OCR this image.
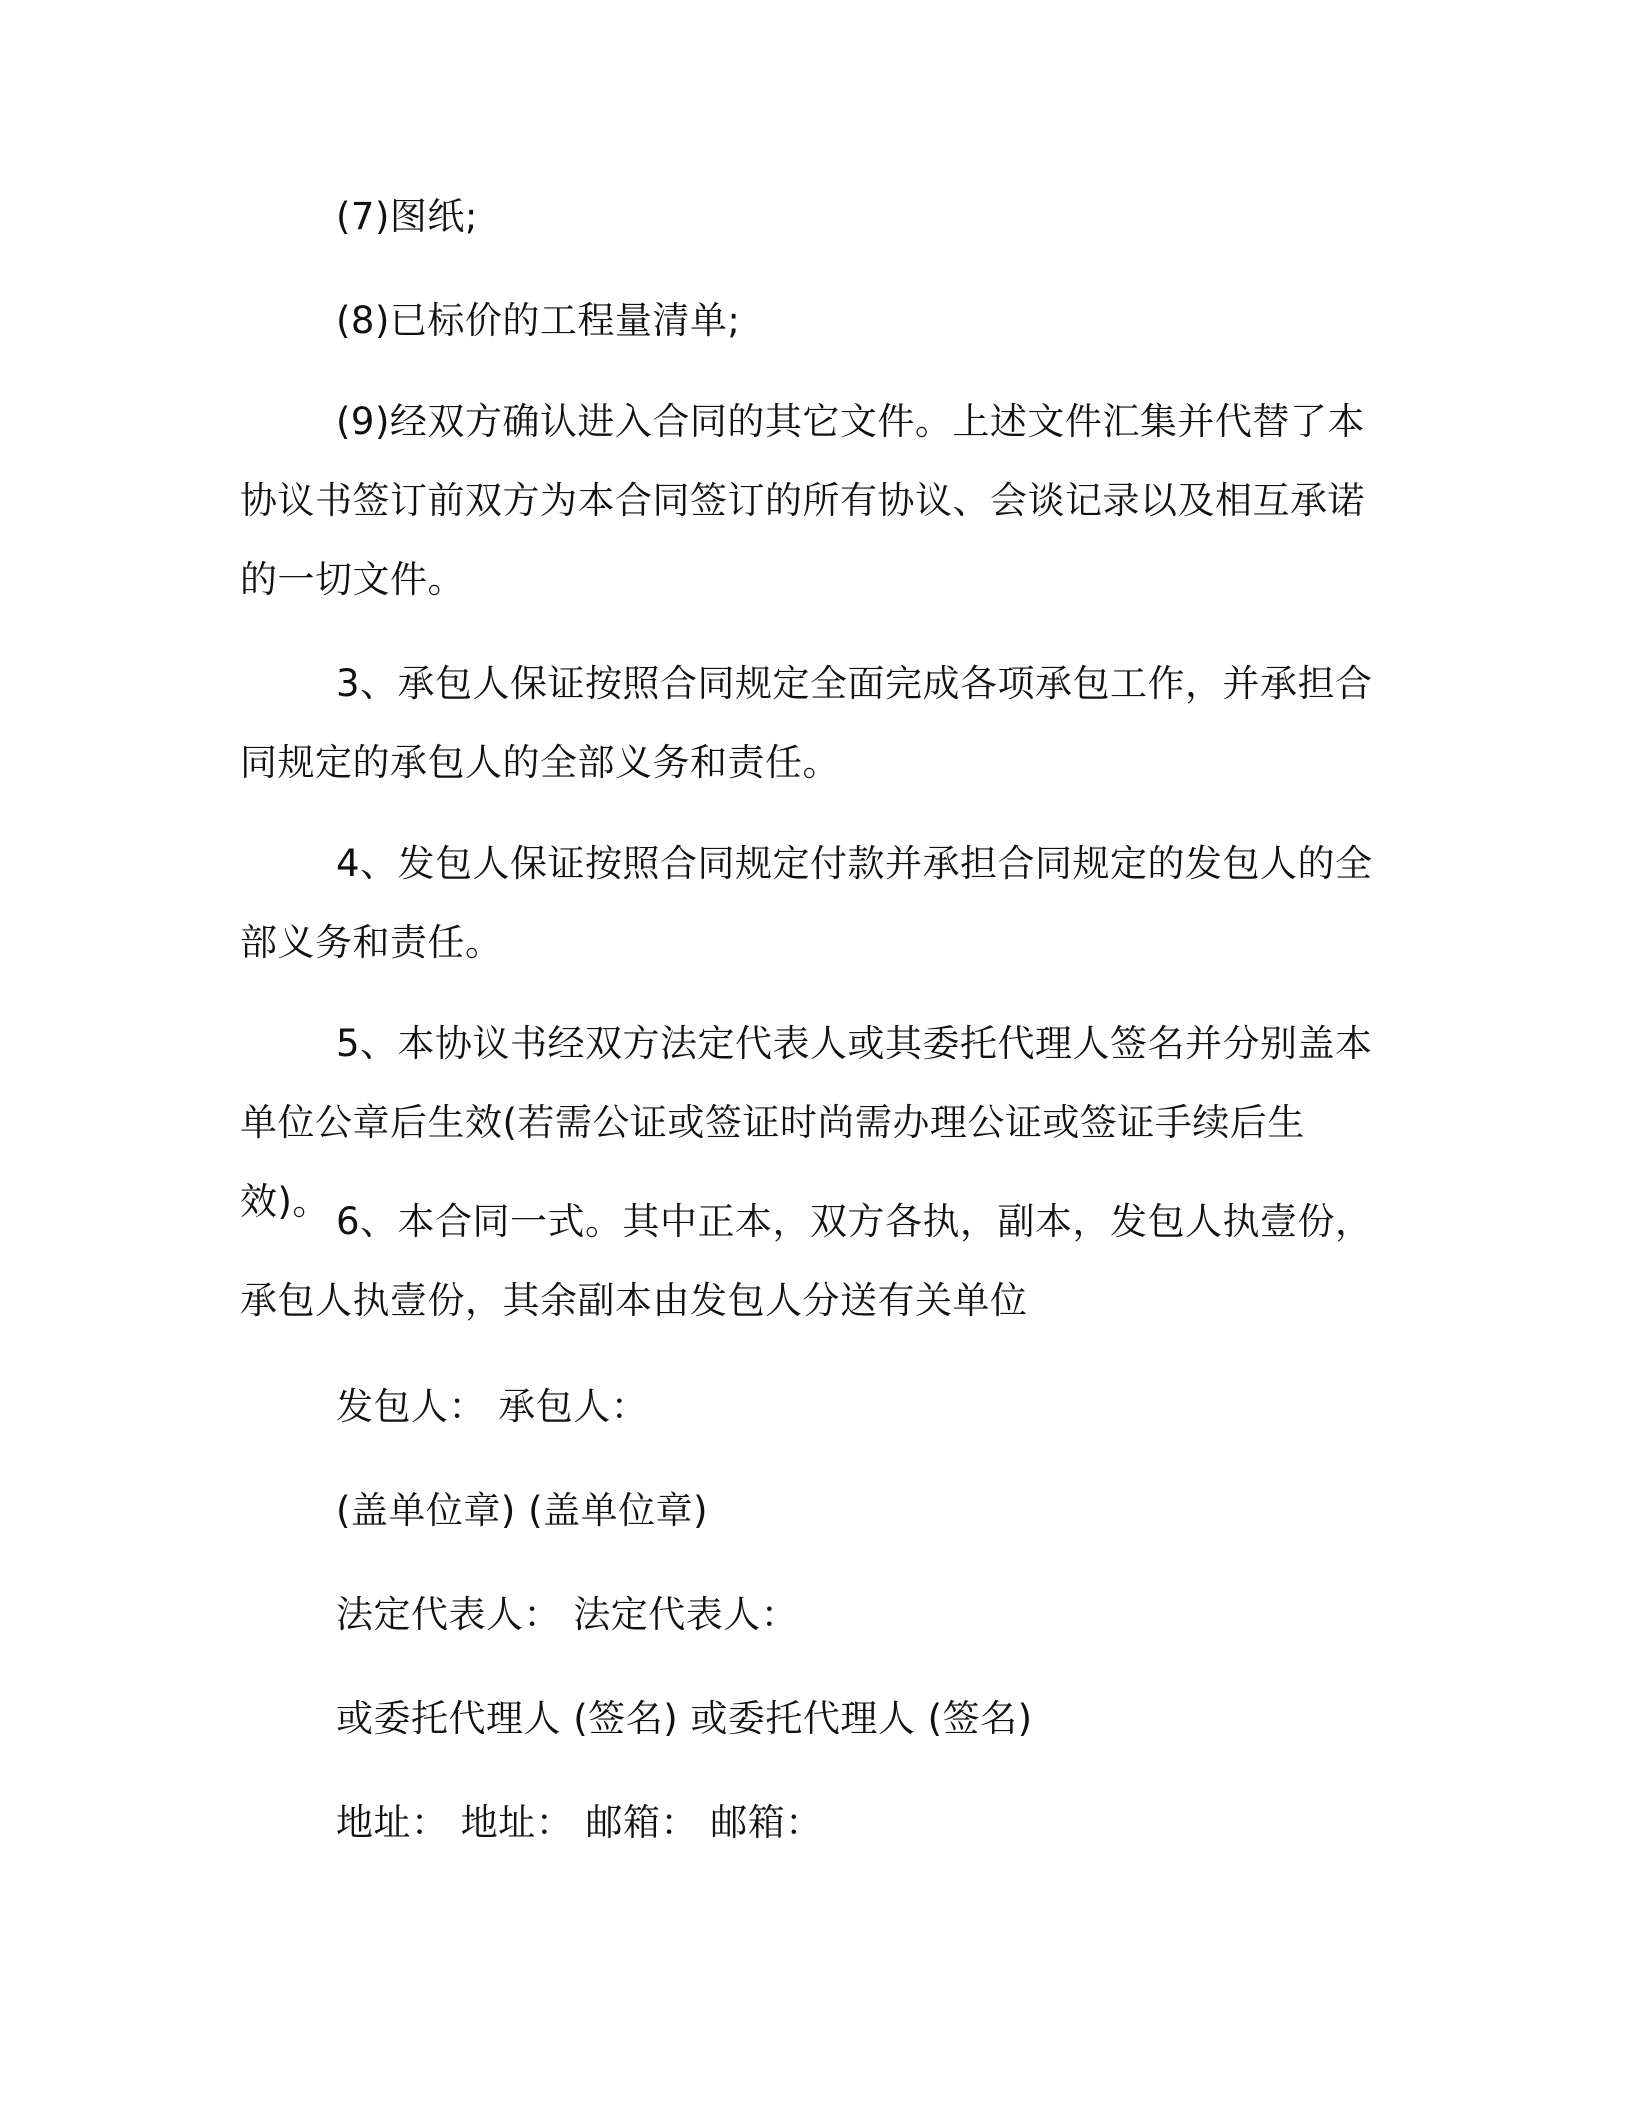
(7)图纸;

(8)已标价的工程量清单;

(9)经双方确认进入合同的其它文件。上述文件汇集并代替了本协议书签订前双方为本合同签订的所有协议、会谈记录以及相互承诺的一切文件。

3、承包人保证按照合同规定全面完成各项承包工作，并承担合同规定的承包人的全部义务和责任。

4、发包人保证按照合同规定付款并承担合同规定的发包人的全部义务和责任。

5、本协议书经双方法定代表人或其委托代理人签名并分别盖本单位公章后生效(若需公证或签证时尚需办理公证或签证手续后生效)。 6、本合同一式。其中正本，双方各执，副本，发包人执壹份，承包人执壹份，其余副本由发包人分送有关单位

发包人： 承包人：

(盖单位章) (盖单位章)

法定代表人： 法定代表人：

或委托代理人 (签名) 或委托代理人 (签名)

地址： 地址： 邮箱： 邮箱：
